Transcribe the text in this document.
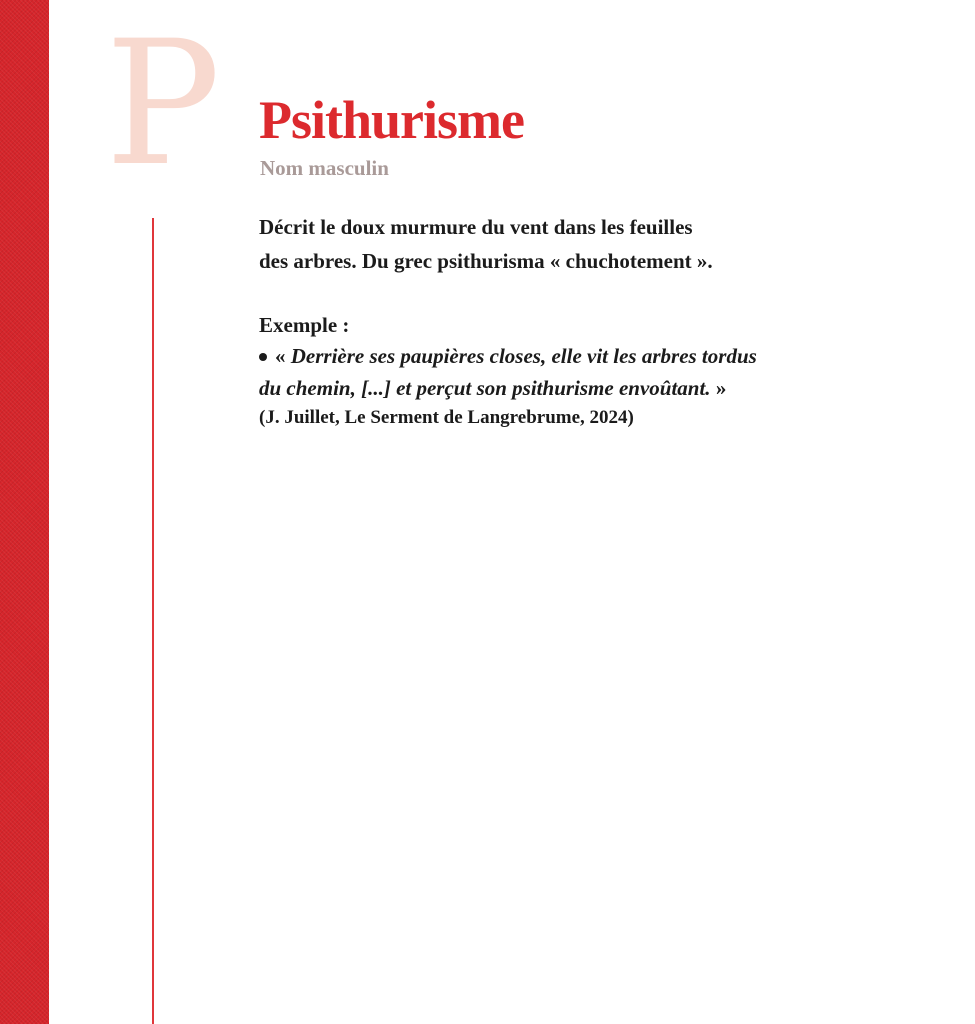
P Psithurisme
Nom masculin

Décrit le doux murmure du vent dans les feuilles
des arbres. Du grec psithurisma « chuchotement ».

Exemple :

« Derrière ses paupières closes, elle vit les arbres tordus
du chemin, [...] et perçut son psithurisme envoûtant. »

(J. Juillet, Le Serment de Langrebrume, 2024)
